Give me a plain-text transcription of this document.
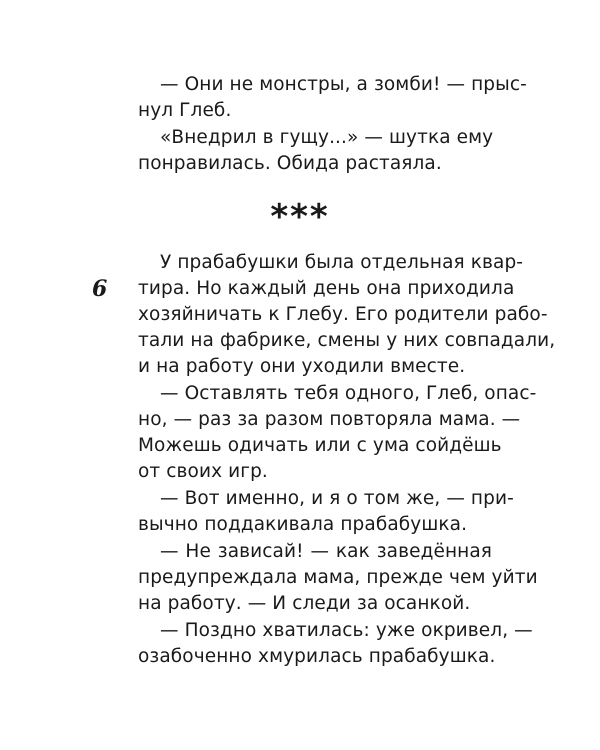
— Они не монстры, а зомби! — прыс-
нул Глеб.
«Внедрил в гущу...» — шутка ему
понравилась. Обида растаяла.
***
6
У прабабушки была отдельная квар-
тира. Но каждый день она приходила
хозяйничать к Глебу. Его родители рабо-
тали на фабрике, смены у них совпадали,
и на работу они уходили вместе.
— Оставлять тебя одного, Глеб, опас-
но, — раз за разом повторяла мама. —
Можешь одичать или с ума сойдёшь
от своих игр.
— Вот именно, и я о том же, — при-
вычно поддакивала прабабушка.
— Не зависай! — как заведённая
предупреждала мама, прежде чем уйти
на работу. — И следи за осанкой.
— Поздно хватилась: уже окривел, —
озабоченно хмурилась прабабушка.
